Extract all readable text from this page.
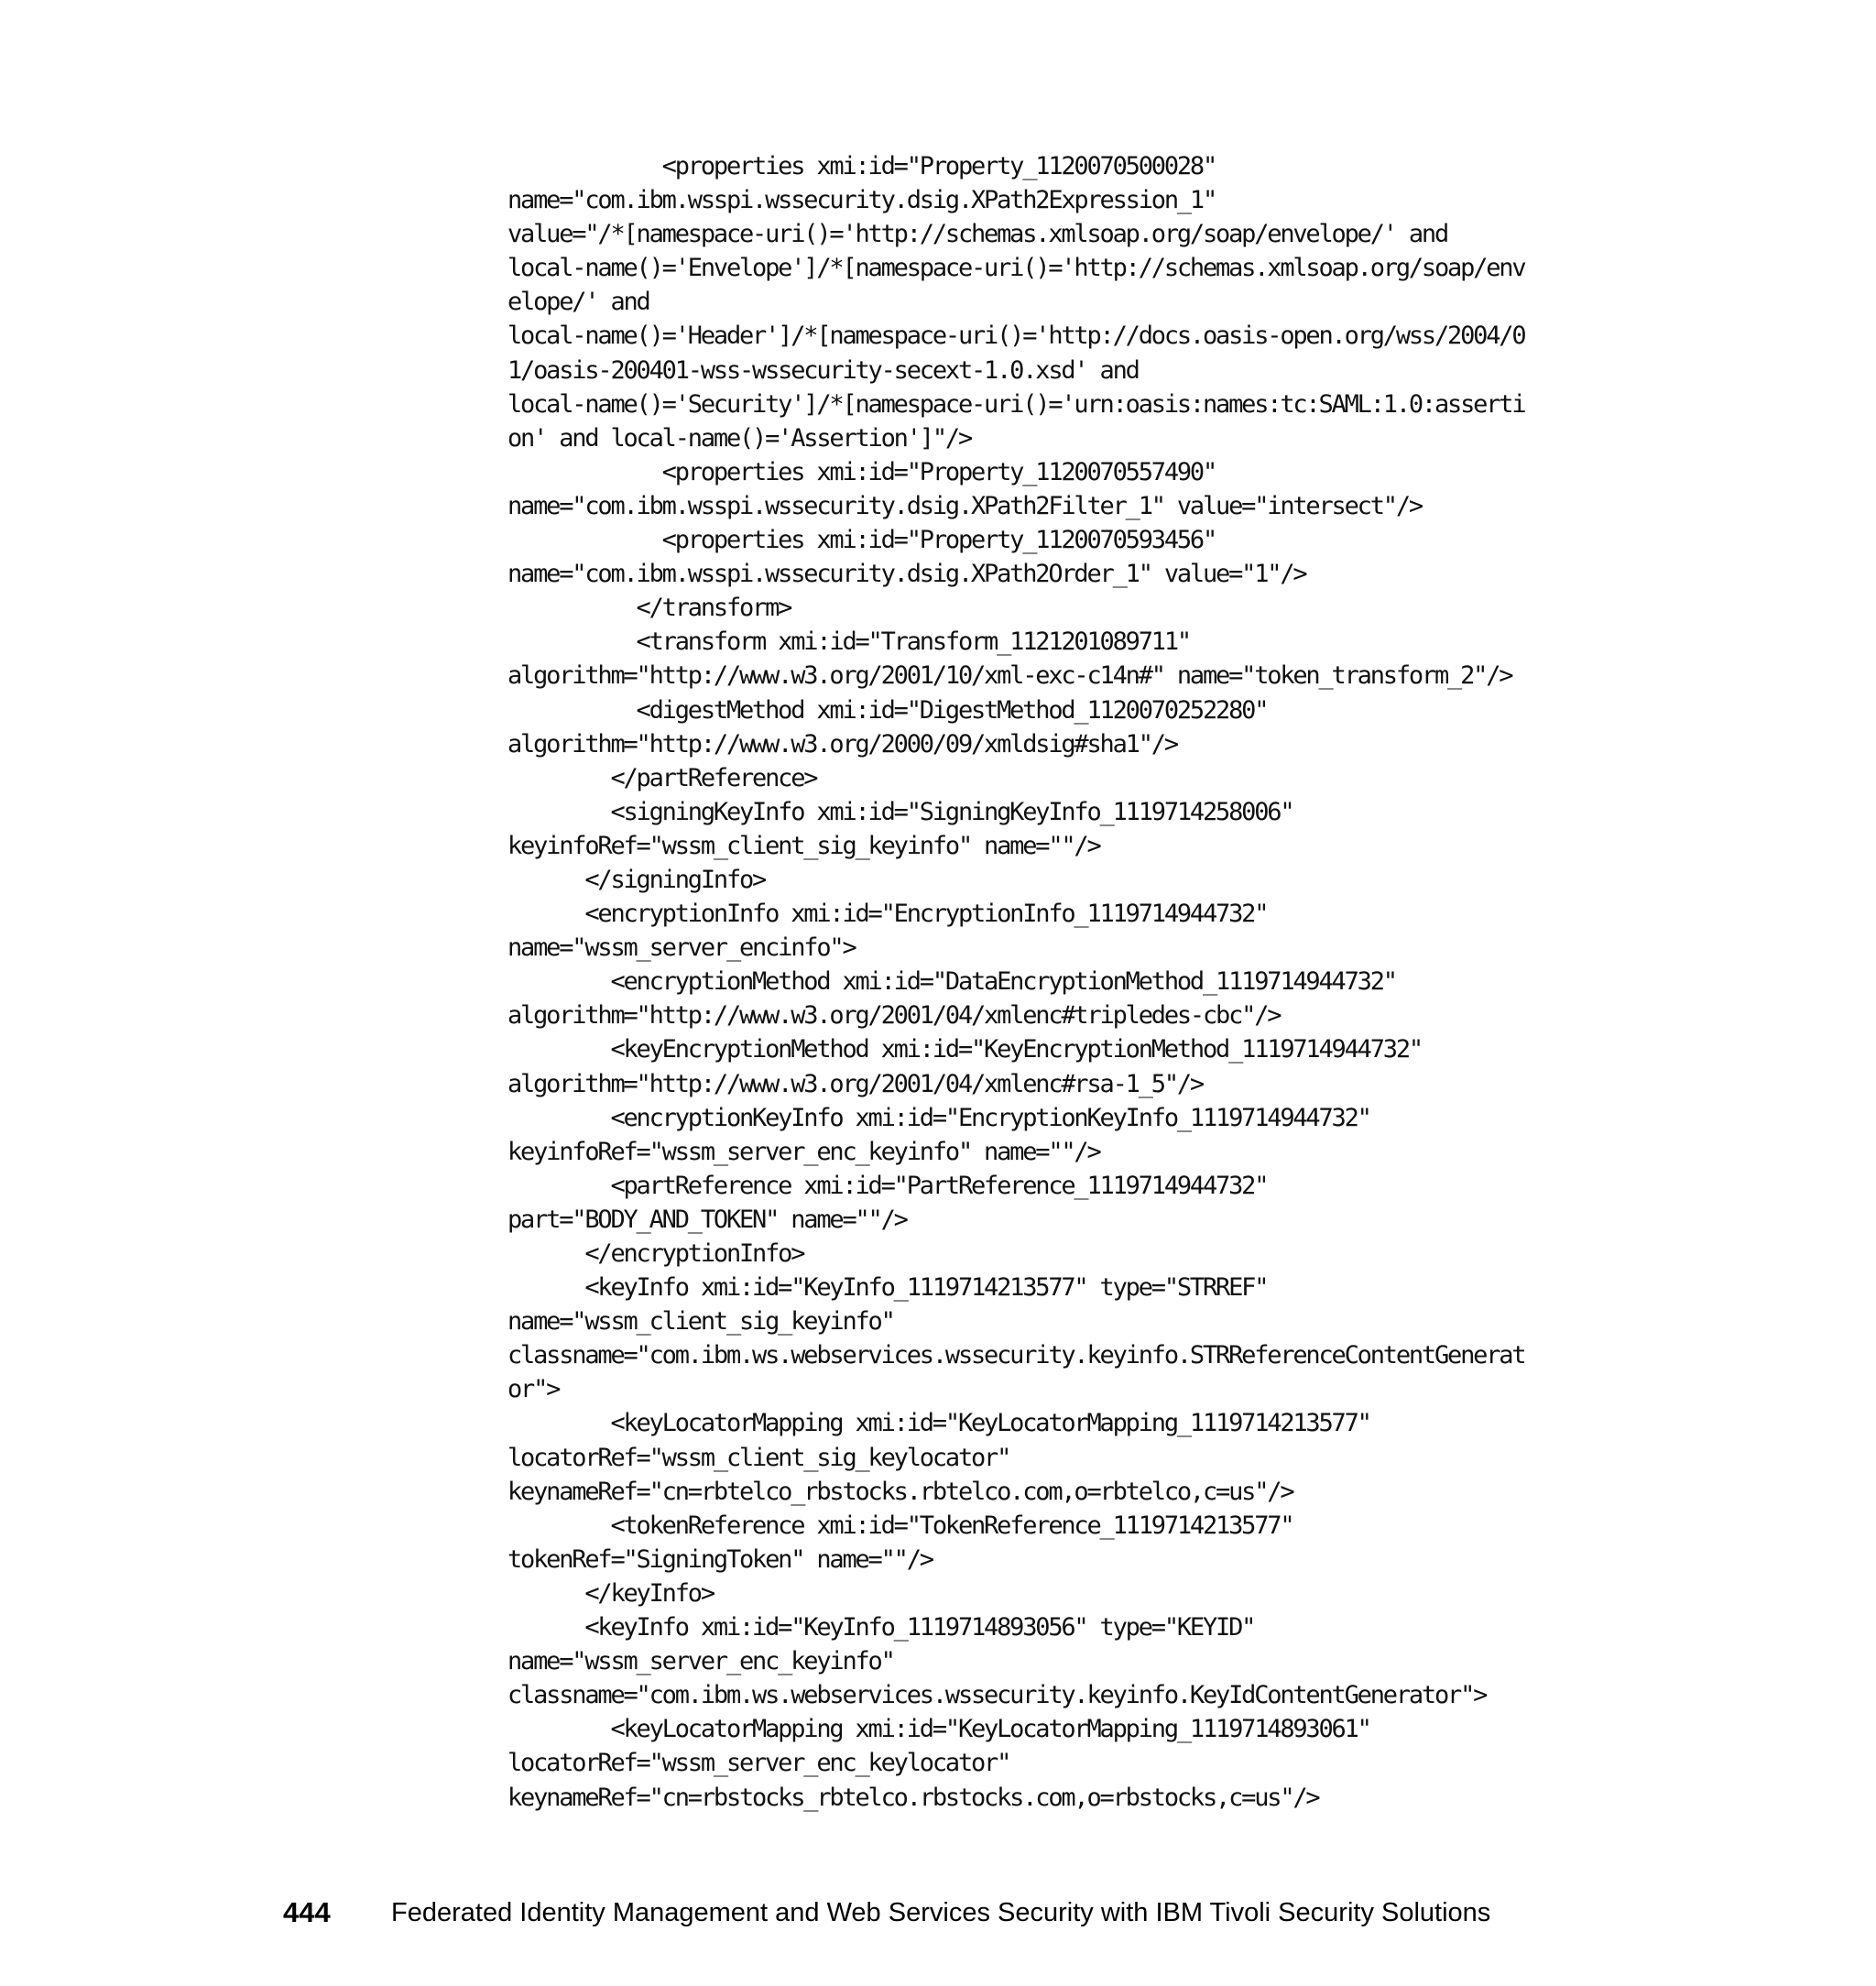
<properties xmi:id="Property_1120070500028"
name="com.ibm.wsspi.wssecurity.dsig.XPath2Expression_1"
value="/*[namespace-uri()='http://schemas.xmlsoap.org/soap/envelope/' and
local-name()='Envelope']/*[namespace-uri()='http://schemas.xmlsoap.org/soap/env
elope/' and
local-name()='Header']/*[namespace-uri()='http://docs.oasis-open.org/wss/2004/0
1/oasis-200401-wss-wssecurity-secext-1.0.xsd' and
local-name()='Security']/*[namespace-uri()='urn:oasis:names:tc:SAML:1.0:asserti
on' and local-name()='Assertion']"/>
<properties xmi:id="Property_1120070557490"
name="com.ibm.wsspi.wssecurity.dsig.XPath2Filter_1" value="intersect"/>
<properties xmi:id="Property_1120070593456"
name="com.ibm.wsspi.wssecurity.dsig.XPath2Order_1" value="1"/>
</transform>
<transform xmi:id="Transform_1121201089711"
algorithm="http://www.w3.org/2001/10/xml-exc-c14n#" name="token_transform_2"/>
<digestMethod xmi:id="DigestMethod_1120070252280"
algorithm="http://www.w3.org/2000/09/xmldsig#sha1"/>
</partReference>
<signingKeyInfo xmi:id="SigningKeyInfo_1119714258006"
keyinfoRef="wssm_client_sig_keyinfo" name=""/>
</signingInfo>
<encryptionInfo xmi:id="EncryptionInfo_1119714944732"
name="wssm_server_encinfo">
<encryptionMethod xmi:id="DataEncryptionMethod_1119714944732"
algorithm="http://www.w3.org/2001/04/xmlenc#tripledes-cbc"/>
<keyEncryptionMethod xmi:id="KeyEncryptionMethod_1119714944732"
algorithm="http://www.w3.org/2001/04/xmlenc#rsa-1_5"/>
<encryptionKeyInfo xmi:id="EncryptionKeyInfo_1119714944732"
keyinfoRef="wssm_server_enc_keyinfo" name=""/>
<partReference xmi:id="PartReference_1119714944732"
part="BODY_AND_TOKEN" name=""/>
</encryptionInfo>
<keyInfo xmi:id="KeyInfo_1119714213577" type="STRREF"
name="wssm_client_sig_keyinfo"
classname="com.ibm.ws.webservices.wssecurity.keyinfo.STRReferenceContentGenerat
or">
<keyLocatorMapping xmi:id="KeyLocatorMapping_1119714213577"
locatorRef="wssm_client_sig_keylocator"
keynameRef="cn=rbtelco_rbstocks.rbtelco.com,o=rbtelco,c=us"/>
<tokenReference xmi:id="TokenReference_1119714213577"
tokenRef="SigningToken" name=""/>
</keyInfo>
<keyInfo xmi:id="KeyInfo_1119714893056" type="KEYID"
name="wssm_server_enc_keyinfo"
classname="com.ibm.ws.webservices.wssecurity.keyinfo.KeyIdContentGenerator">
<keyLocatorMapping xmi:id="KeyLocatorMapping_1119714893061"
locatorRef="wssm_server_enc_keylocator"
keynameRef="cn=rbstocks_rbtelco.rbstocks.com,o=rbstocks,c=us"/>
444 Federated Identity Management and Web Services Security with IBM Tivoli Security Solutions
